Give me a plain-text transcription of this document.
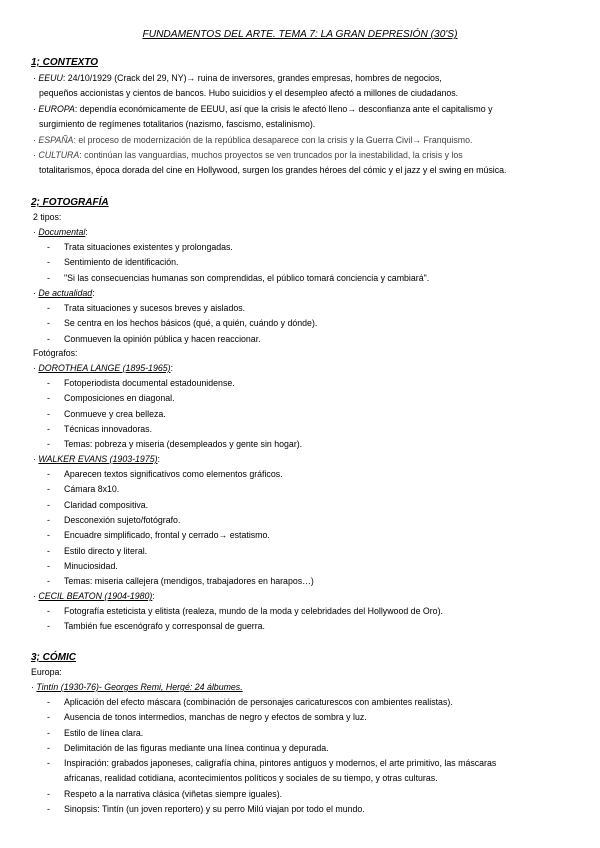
FUNDAMENTOS DEL ARTE. TEMA 7: LA GRAN DEPRESIÓN (30'S)
1; CONTEXTO
· EEUU: 24/10/1929 (Crack del 29, NY)→ ruina de inversores, grandes empresas, hombres de negocios,
pequeños accionistas y cientos de bancos. Hubo suicidios y el desempleo afectó a millones de ciudadanos.
· EUROPA: dependía económicamente de EEUU, así que la crisis le afectó lleno→ desconfianza ante el capitalismo y
surgimiento de regímenes totalitarios (nazismo, fascismo, estalinismo).
· ESPAÑA: el proceso de modernización de la república desaparece con la crisis y la Guerra Civil→ Franquismo.
· CULTURA: continúan las vanguardias, muchos proyectos se ven truncados por la inestabilidad, la crisis y los
totalitarismos, época dorada del cine en Hollywood, surgen los grandes héroes del cómic y el jazz y el swing en música.
2; FOTOGRAFÍA
2 tipos:
· Documental:
- Trata situaciones existentes y prolongadas.
- Sentimiento de identificación.
- "Si las consecuencias humanas son comprendidas, el público tomará conciencia y cambiará".
· De actualidad:
- Trata situaciones y sucesos breves y aislados.
- Se centra en los hechos básicos (qué, a quién, cuándo y dónde).
- Conmueven la opinión pública y hacen reaccionar.
Fotógrafos:
· DOROTHEA LANGE (1895-1965):
- Fotoperiodista documental estadounidense.
- Composiciones en diagonal.
- Conmueve y crea belleza.
- Técnicas innovadoras.
- Temas: pobreza y miseria (desempleados y gente sin hogar).
· WALKER EVANS (1903-1975):
- Aparecen textos significativos como elementos gráficos.
- Cámara 8x10.
- Claridad compositiva.
- Desconexión sujeto/fotógrafo.
- Encuadre simplificado, frontal y cerrado→ estatismo.
- Estilo directo y literal.
- Minuciosidad.
- Temas: miseria callejera (mendigos, trabajadores en harapos…)
· CECIL BEATON (1904-1980):
- Fotografía esteticista y elitista (realeza, mundo de la moda y celebridades del Hollywood de Oro).
- También fue escenógrafo y corresponsal de guerra.
3; CÓMIC
Europa:
· Tintín (1930-76)- Georges Remi, Hergé: 24 álbumes.
- Aplicación del efecto máscara (combinación de personajes caricaturescos con ambientes realistas).
- Ausencia de tonos intermedios, manchas de negro y efectos de sombra y luz.
- Estilo de línea clara.
- Delimitación de las figuras mediante una línea continua y depurada.
- Inspiración: grabados japoneses, caligrafía china, pintores antiguos y modernos, el arte primitivo, las máscaras
- Respeto a la narrativa clásica (viñetas siempre iguales).
- Sinopsis: Tintín (un joven reportero) y su perro Milú viajan por todo el mundo.
africanas, realidad cotidiana, acontecimientos políticos y sociales de su tiempo, y otras culturas.
